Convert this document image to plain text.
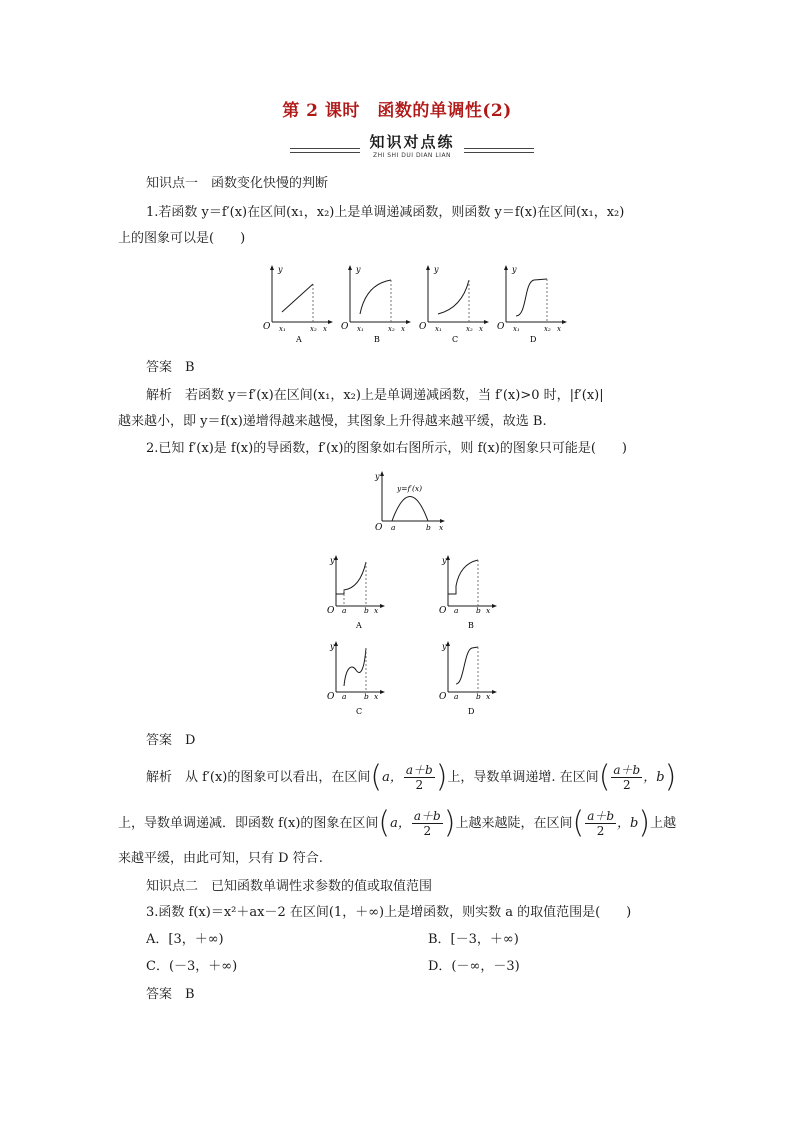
第 2 课时　函数的单调性(2)
知识对点练
ZHI SHI DUI DIAN LIAN
知识点一　函数变化快慢的判断
1.若函数 y＝f′(x)在区间(x₁，x₂)上是单调递减函数，则函数 y＝f(x)在区间(x₁，x₂)
上的图象可以是(　　)
y
O x₁	x₂ x
A
y
O x₁	x₂ x
B
y
O x₁	x₂ x
C
y
O x₁	x₂ x
D
答案　B
解析　若函数 y＝f′(x)在区间(x₁，x₂)上是单调递减函数，当 f′(x)>0 时，|f′(x)|
越来越小，即 y＝f(x)递增得越来越慢，其图象上升得越来越平缓，故选 B.
2.已知 f′(x)是 f(x)的导函数，f′(x)的图象如右图所示，则 f(x)的图象只可能是(　　)
y
y=f′(x)
O a	b x
y
O a b x
A
y
O a b x
B
y
O a b x
C
y
O a b x
D
答案　D
解析　从 f′(x)的图象可以看出，在区间(a， $\frac{a+b}{2}$ )上，导数单调递增. 在区间( $\frac{a+b}{2}$ ，b)
上，导数单调递减．即函数 f(x)的图象在区间(a， $\frac{a+b}{2}$ )上越来越陡，在区间( $\frac{a+b}{2}$ ，b)上越
来越平缓，由此可知，只有 D 符合.
知识点二　已知函数单调性求参数的值或取值范围
3.函数 f(x)＝x²＋ax－2 在区间(1，＋∞)上是增函数，则实数 a 的取值范围是(　　)
A．[3，＋∞)	B．[－3，＋∞)
C．(－3，＋∞)	D．(－∞，－3)
答案　B
